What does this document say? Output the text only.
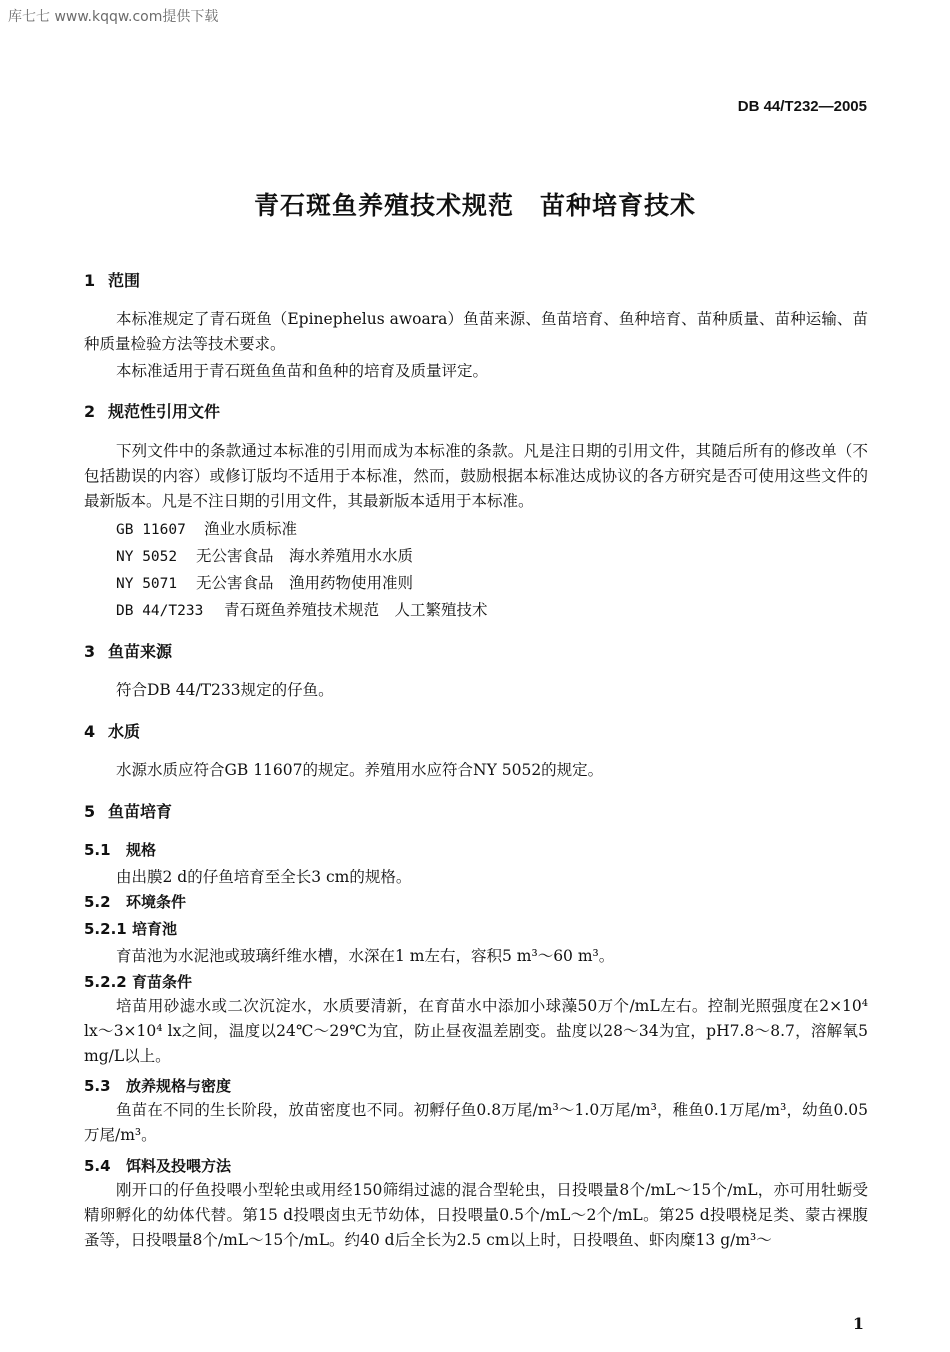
库七七 www.kqqw.com提供下载
DB 44/T232—2005
青石斑鱼养殖技术规范　苗种培育技术
1 范围
本标准规定了青石斑鱼（Epinephelus awoara）鱼苗来源、鱼苗培育、鱼种培育、苗种质量、苗种运输、苗种质量检验方法等技术要求。
本标准适用于青石斑鱼鱼苗和鱼种的培育及质量评定。
2 规范性引用文件
下列文件中的条款通过本标准的引用而成为本标准的条款。凡是注日期的引用文件，其随后所有的修改单（不包括勘误的内容）或修订版均不适用于本标准，然而，鼓励根据本标准达成协议的各方研究是否可使用这些文件的最新版本。凡是不注日期的引用文件，其最新版本适用于本标准。
GB 11607 渔业水质标准
NY 5052 无公害食品　海水养殖用水水质
NY 5071 无公害食品　渔用药物使用准则
DB 44/T233 青石斑鱼养殖技术规范　人工繁殖技术
3 鱼苗来源
符合DB 44/T233规定的仔鱼。
4 水质
水源水质应符合GB 11607的规定。养殖用水应符合NY 5052的规定。
5 鱼苗培育
5.1 规格
由出膜2 d的仔鱼培育至全长3 cm的规格。
5.2 环境条件
5.2.1 培育池
育苗池为水泥池或玻璃纤维水槽，水深在1 m左右，容积5 m³～60 m³。
5.2.2 育苗条件
培苗用砂滤水或二次沉淀水，水质要清新，在育苗水中添加小球藻50万个/mL左右。控制光照强度在2×10⁴ lx～3×10⁴ lx之间，温度以24℃～29℃为宜，防止昼夜温差剧变。盐度以28～34为宜，pH7.8～8.7，溶解氧5 mg/L以上。
5.3 放养规格与密度
鱼苗在不同的生长阶段，放苗密度也不同。初孵仔鱼0.8万尾/m³～1.0万尾/m³，稚鱼0.1万尾/m³，幼鱼0.05万尾/m³。
5.4 饵料及投喂方法
刚开口的仔鱼投喂小型轮虫或用经150筛绢过滤的混合型轮虫，日投喂量8个/mL～15个/mL，亦可用牡蛎受精卵孵化的幼体代替。第15 d投喂卤虫无节幼体，日投喂量0.5个/mL～2个/mL。第25 d投喂桡足类、蒙古裸腹蚤等，日投喂量8个/mL～15个/mL。约40 d后全长为2.5 cm以上时，日投喂鱼、虾肉糜13 g/m³～
1
